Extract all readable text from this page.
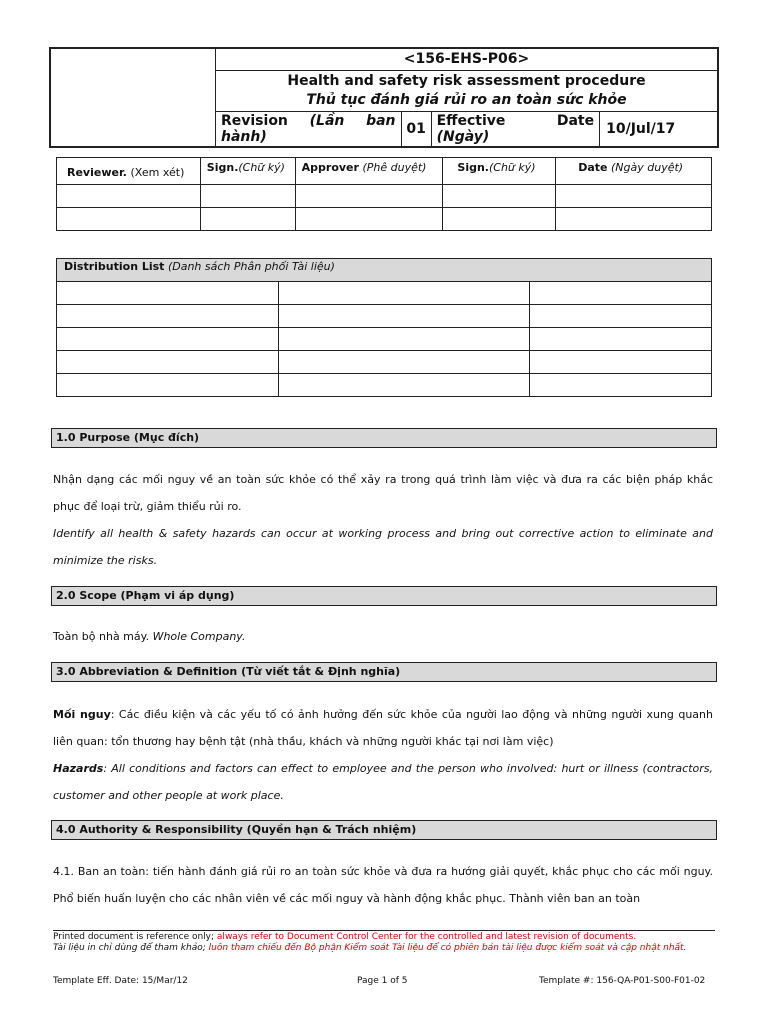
	<156-EHS-P06>			

	Health and safety risk assessment procedure
Thủ tục đánh giá rủi ro an toàn sức khỏe			

	Revision (Lần ban
hành)	01	Effective Date
(Ngày)	10/Jul/17
Reviewer. (Xem xét)	Sign.(Chữ ký)	Approver (Phê duyệt)	Sign.(Chữ ký)	Date (Ngày duyệt)

Distribution List (Danh sách Phân phối Tài liệu)		

1.0 Purpose (Mục đích)
Nhận dạng các mối nguy về an toàn sức khỏe có thể xảy ra trong quá trình làm việc và đưa ra các biện pháp khắc phục để loại trừ, giảm thiểu rủi ro.
Identify all health & safety hazards can occur at working process and bring out corrective action to eliminate and minimize the risks.
2.0 Scope (Phạm vi áp dụng)
Toàn bộ nhà máy. Whole Company.
3.0 Abbreviation & Definition (Từ viết tắt & Định nghĩa)
Mối nguy: Các điều kiện và các yếu tố có ảnh hưởng đến sức khỏe của người lao động và những người xung quanh liên quan: tổn thương hay bệnh tật (nhà thầu, khách và những người khác tại nơi làm việc)
Hazards: All conditions and factors can effect to employee and the person who involved: hurt or illness (contractors, customer and other people at work place.
4.0 Authority & Responsibility (Quyền hạn & Trách nhiệm)
4.1. Ban an toàn: tiến hành đánh giá rủi ro an toàn sức khỏe và đưa ra hướng giải quyết, khắc phục cho các mối nguy. Phổ biến huấn luyện cho các nhân viên về các mối nguy và hành động khắc phục. Thành viên ban an toàn
Printed document is reference only; always refer to Document Control Center for the controlled and latest revision of documents.
Tài liệu in chỉ dùng để tham khảo; luôn tham chiếu đến Bộ phận Kiểm soát Tài liệu để có phiên bản tài liệu được kiểm soát và cập nhật nhất.
Template Eff. Date: 15/Mar/12	Page 1 of 5	Template #: 156-QA-P01-S00-F01-02
